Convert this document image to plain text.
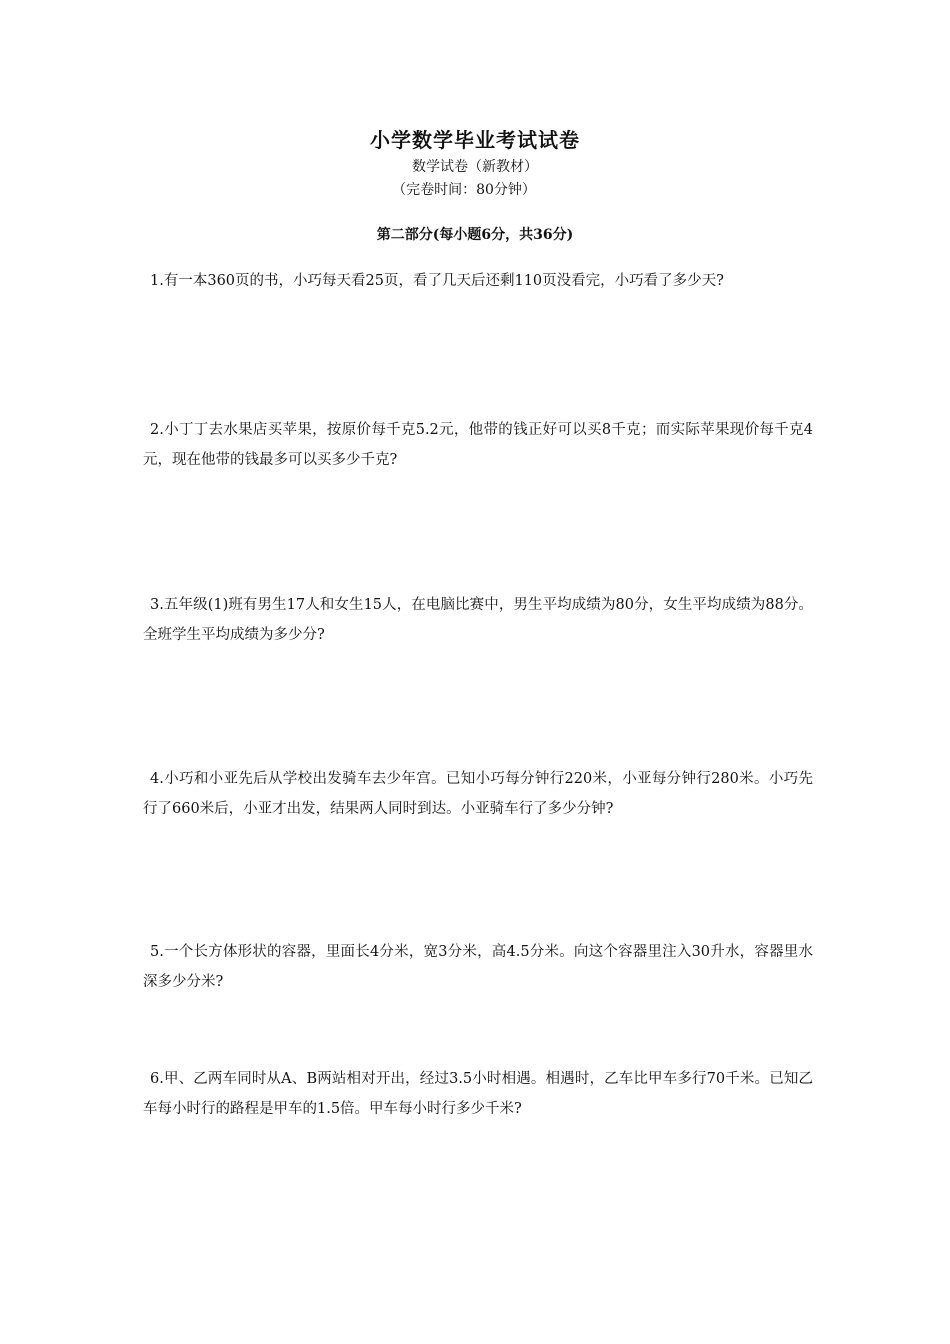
小学数学毕业考试试卷
数学试卷（新教材）
（完卷时间：80分钟）
第二部分(每小题6分，共36分)
1.有一本360页的书，小巧每天看25页，看了几天后还剩110页没看完，小巧看了多少天?
2.小丁丁去水果店买苹果，按原价每千克5.2元，他带的钱正好可以买8千克；而实际苹果现价每千克4元，现在他带的钱最多可以买多少千克?
3.五年级(1)班有男生17人和女生15人，在电脑比赛中，男生平均成绩为80分，女生平均成绩为88分。全班学生平均成绩为多少分?
4.小巧和小亚先后从学校出发骑车去少年宫。已知小巧每分钟行220米，小亚每分钟行280米。小巧先行了660米后，小亚才出发，结果两人同时到达。小亚骑车行了多少分钟?
5.一个长方体形状的容器，里面长4分米，宽3分米，高4.5分米。向这个容器里注入30升水，容器里水深多少分米?
6.甲、乙两车同时从A、B两站相对开出，经过3.5小时相遇。相遇时，乙车比甲车多行70千米。已知乙车每小时行的路程是甲车的1.5倍。甲车每小时行多少千米?
